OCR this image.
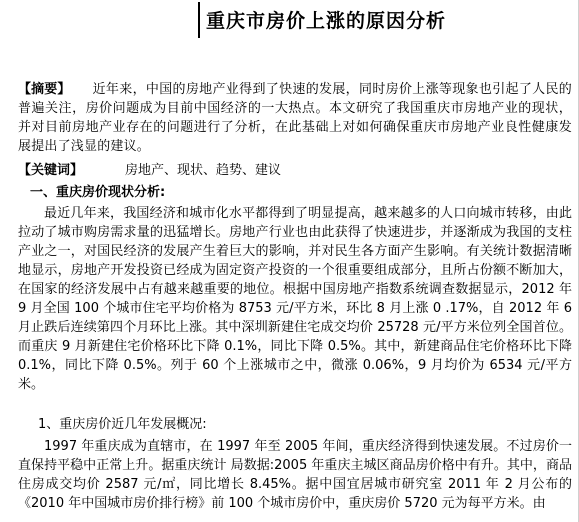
重庆市房价上涨的原因分析
【摘要】 近年来，中国的房地产业得到了快速的发展，同时房价上涨等现象也引起了人民的普遍关注，房价问题成为目前中国经济的一大热点。本文研究了我国重庆市房地产业的现状，并对目前房地产业存在的问题进行了分析，在此基础上对如何确保重庆市房地产业良性健康发展提出了浅显的建议。
【关键词】	房地产、现状、趋势、建议
一、重庆房价现状分析:
最近几年来，我国经济和城市化水平都得到了明显提高，越来越多的人口向城市转移，由此拉动了城市购房需求量的迅猛增长。房地产行业也由此获得了快速进步，并逐渐成为我国的支柱产业之一，对国民经济的发展产生着巨大的影响，并对民生各方面产生影响。有关统计数据清晰地显示，房地产开发投资已经成为固定资产投资的一个很重要组成部分，且所占份额不断加大，在国家的经济发展中占有越来越重要的地位。根据中国房地产指数系统调查数据显示，2012 年 9 月全国 100 个城市住宅平均价格为 8753 元/平方米，环比 8 月上涨 0 .17%，自 2012 年 6 月止跌后连续第四个月环比上涨。其中深圳新建住宅成交均价 25728 元/平方米位列全国首位。而重庆 9 月新建住宅价格环比下降 0.1%，同比下降 0.5%。其中，新建商品住宅价格环比下降 0.1%，同比下降 0.5%。列于 60 个上涨城市之中，微涨 0.06%，9 月均价为 6534 元/平方米。
1、重庆房价近几年发展概况:
1997 年重庆成为直辖市，在 1997 年至 2005 年间，重庆经济得到快速发展。不过房价一直保持平稳中正常上升。据重庆统计 局数据:2005 年重庆主城区商品房价格中有升。其中，商品住房成交均价 2587 元/㎡，同比增长 8.45%。据中国宜居城市研究室 2011 年 2 月公布的《2010 年中国城市房价排行榜》前 100 个城市房价中，重庆房价 5720 元为每平方米。由
